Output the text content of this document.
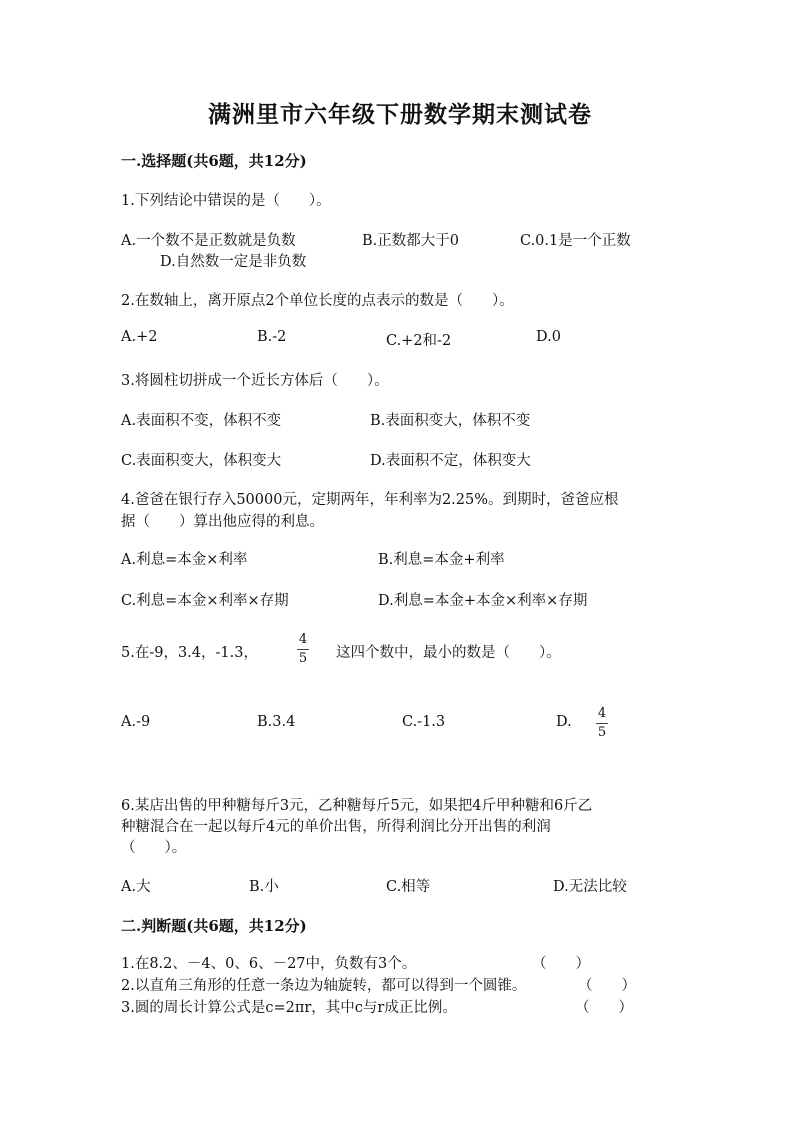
满洲里市六年级下册数学期末测试卷
一.选择题(共6题，共12分)
1.下列结论中错误的是（　　）。
A.一个数不是正数就是负数	B.正数都大于0	C.0.1是一个正数
D.自然数一定是非负数
2.在数轴上，离开原点2个单位长度的点表示的数是（　　）。
A.+2	B.-2	C.+2和-2	D.0
3.将圆柱切拼成一个近长方体后（　　）。
A.表面积不变，体积不变	B.表面积变大，体积不变
C.表面积变大，体积变大	D.表面积不定，体积变大
4.爸爸在银行存入50000元，定期两年，年利率为2.25%。到期时，爸爸应根
据（　　）算出他应得的利息。
A.利息=本金×利率	B.利息=本金+利率
C.利息=本金×利率×存期	D.利息=本金+本金×利率×存期
5.在-9，3.4，-1.3，
4
5 这四个数中，最小的数是（　　）。
A.-9	B.3.4	C.-1.3	D.
4
5
6.某店出售的甲种糖每斤3元，乙种糖每斤5元，如果把4斤甲种糖和6斤乙
种糖混合在一起以每斤4元的单价出售，所得利润比分开出售的利润
（　　）。
A.大	B.小	C.相等	D.无法比较
二.判断题(共6题，共12分)
1.在8.2、－4、0、6、－27中，负数有3个。	（　　）
2.以直角三角形的任意一条边为轴旋转，都可以得到一个圆锥。	（　　）
3.圆的周长计算公式是c=2πr，其中c与r成正比例。	（　　）
